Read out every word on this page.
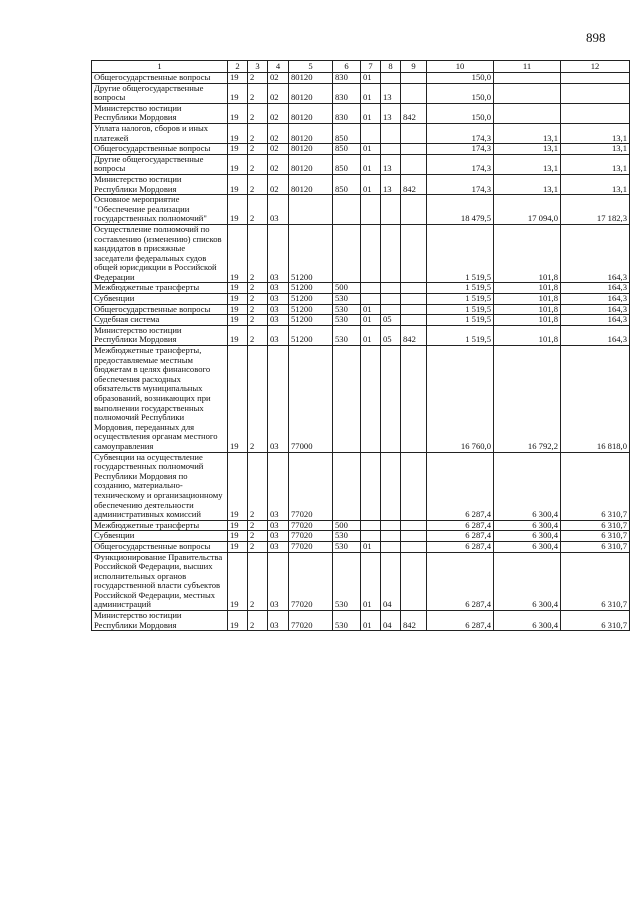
898
1	2	3	4	5	6	7	8	9	10	11	12
Общегосударственные вопросы	19	2	02	80120	830	01			150,0		
Другие общегосударственные вопросы	19	2	02	80120	830	01	13		150,0		
Министерство юстиции Республики Мордовия	19	2	02	80120	830	01	13	842	150,0		
Уплата налогов, сборов и иных платежей	19	2	02	80120	850				174,3	13,1	13,1
Общегосударственные вопросы	19	2	02	80120	850	01			174,3	13,1	13,1
Другие общегосударственные вопросы	19	2	02	80120	850	01	13		174,3	13,1	13,1
Министерство юстиции Республики Мордовия	19	2	02	80120	850	01	13	842	174,3	13,1	13,1
Основное мероприятие "Обеспечение реализации государственных полномочий"	19	2	03						18 479,5	17 094,0	17 182,3
Осуществление полномочий по составлению (изменению) списков кандидатов в присяжные заседатели федеральных судов общей юрисдикции в Российской Федерации	19	2	03	51200					1 519,5	101,8	164,3
Межбюджетные трансферты	19	2	03	51200	500				1 519,5	101,8	164,3
Субвенции	19	2	03	51200	530				1 519,5	101,8	164,3
Общегосударственные вопросы	19	2	03	51200	530	01			1 519,5	101,8	164,3
Судебная система	19	2	03	51200	530	01	05		1 519,5	101,8	164,3
Министерство юстиции Республики Мордовия	19	2	03	51200	530	01	05	842	1 519,5	101,8	164,3
Межбюджетные трансферты, предоставляемые местным бюджетам в целях финансового обеспечения расходных обязательств муниципальных образований, возникающих при выполнении государственных полномочий Республики Мордовия, переданных для осуществления органам местного самоуправления	19	2	03	77000					16 760,0	16 792,2	16 818,0
Субвенции на осуществление государственных полномочий Республики Мордовия по созданию, материально-техническому и организационному обеспечению деятельности административных комиссий	19	2	03	77020					6 287,4	6 300,4	6 310,7
Межбюджетные трансферты	19	2	03	77020	500				6 287,4	6 300,4	6 310,7
Субвенции	19	2	03	77020	530				6 287,4	6 300,4	6 310,7
Общегосударственные вопросы	19	2	03	77020	530	01			6 287,4	6 300,4	6 310,7
Функционирование Правительства Российской Федерации, высших исполнительных органов государственной власти субъектов Российской Федерации, местных администраций	19	2	03	77020	530	01	04		6 287,4	6 300,4	6 310,7
Министерство юстиции Республики Мордовия	19	2	03	77020	530	01	04	842	6 287,4	6 300,4	6 310,7
